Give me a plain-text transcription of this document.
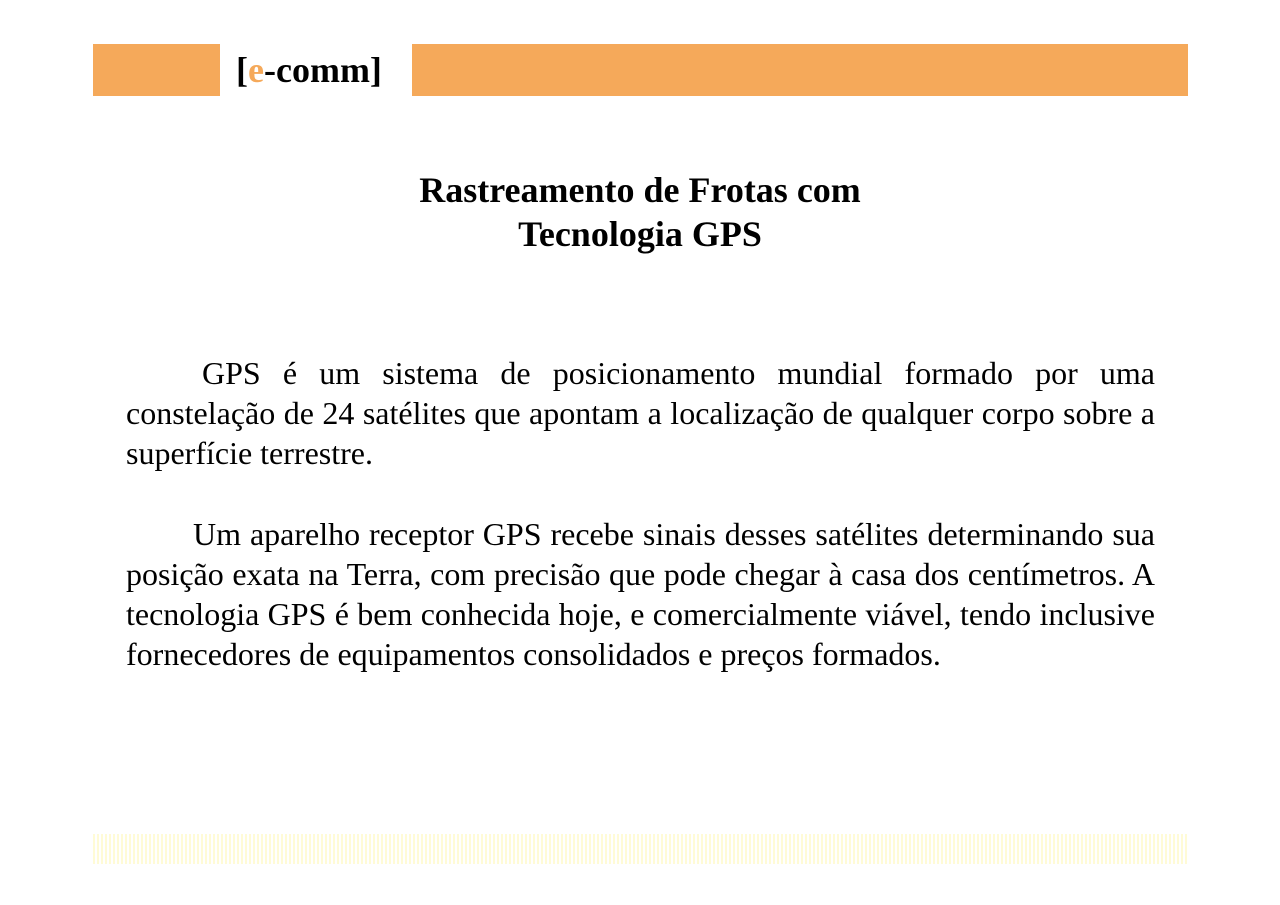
[e-comm]
Rastreamento de Frotas com
Tecnologia GPS

GPS é um sistema de posicionamento mundial formado por uma constelação de 24 satélites que apontam a localização de qualquer corpo sobre a superfície terrestre.

Um aparelho receptor GPS recebe sinais desses satélites determinando sua posição exata na Terra, com precisão que pode chegar à casa dos centímetros. A tecnologia GPS é bem conhecida hoje, e comercialmente viável, tendo inclusive fornecedores de equipamentos consolidados e preços formados.
